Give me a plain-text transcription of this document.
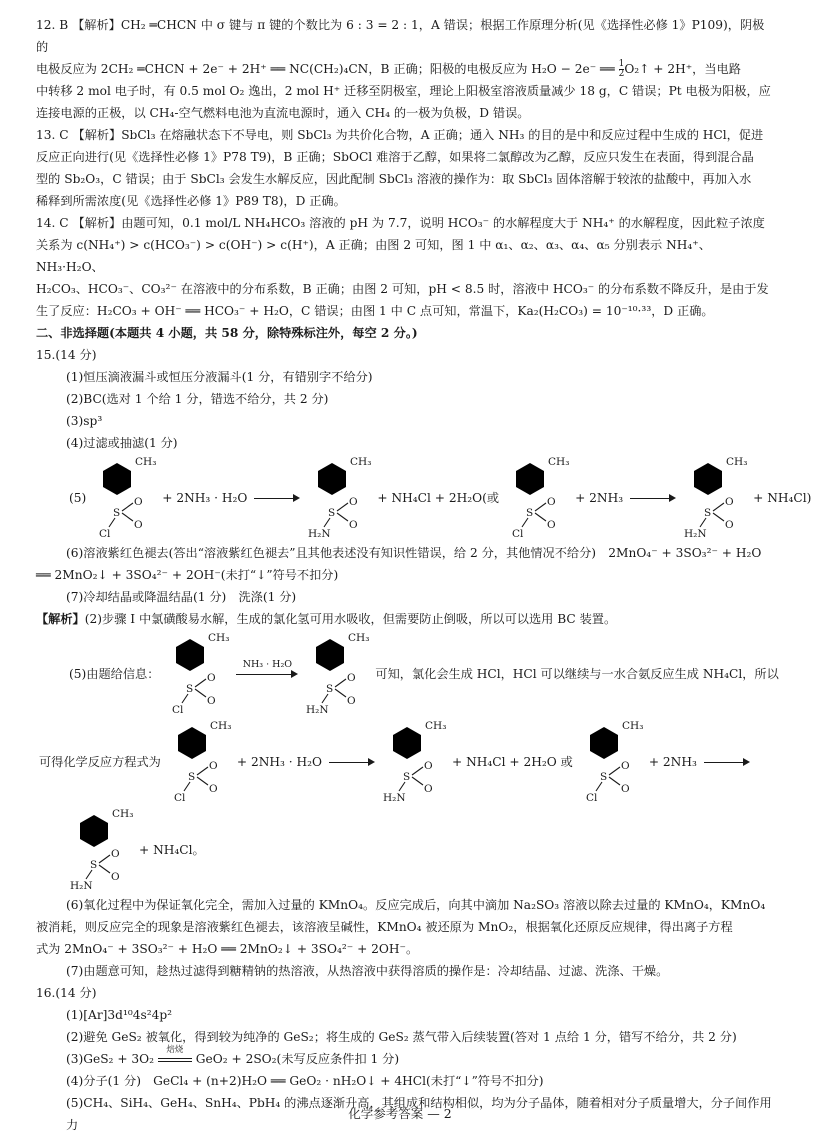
12. B 【解析】CH₂ ═CHCN 中 σ 键与 π 键的个数比为 6 : 3 = 2 : 1，A 错误；根据工作原理分析(见《选择性必修 1》P109)，阴极的

电极反应为 2CH₂ ═CHCN + 2e⁻ + 2H⁺ ══ NC(CH₂)₄CN，B 正确；阳极的电极反应为 H₂O − 2e⁻ ══ $\frac{1}{2}$ O₂↑ + 2H⁺，当电路

中转移 2 mol 电子时，有 0.5 mol O₂ 逸出，2 mol H⁺ 迁移至阴极室，理论上阳极室溶液质量减少 18 g，C 错误；Pt 电极为阳极，应

连接电源的正极，以 CH₄-空气燃料电池为直流电源时，通入 CH₄ 的一极为负极，D 错误。

13. C 【解析】SbCl₃ 在熔融状态下不导电，则 SbCl₃ 为共价化合物，A 正确；通入 NH₃ 的目的是中和反应过程中生成的 HCl，促进

反应正向进行(见《选择性必修 1》P78 T9)，B 正确；SbOCl 难溶于乙醇，如果将二氯醇改为乙醇，反应只发生在表面，得到混合晶

型的 Sb₂O₃，C 错误；由于 SbCl₃ 会发生水解反应，因此配制 SbCl₃ 溶液的操作为：取 SbCl₃ 固体溶解于较浓的盐酸中，再加入水

稀释到所需浓度(见《选择性必修 1》P89 T8)，D 正确。

14. C 【解析】由题可知，0.1 mol/L NH₄HCO₃ 溶液的 pH 为 7.7，说明 HCO₃⁻ 的水解程度大于 NH₄⁺ 的水解程度，因此粒子浓度

关系为 c(NH₄⁺) > c(HCO₃⁻) > c(OH⁻) > c(H⁺)，A 正确；由图 2 可知，图 1 中 α₁、α₂、α₃、α₄、α₅ 分别表示 NH₄⁺、NH₃·H₂O、

H₂CO₃、HCO₃⁻、CO₃²⁻ 在溶液中的分布系数，B 正确；由图 2 可知，pH < 8.5 时，溶液中 HCO₃⁻ 的分布系数不降反升，是由于发

生了反应：H₂CO₃ + OH⁻ ══ HCO₃⁻ + H₂O，C 错误；由图 1 中 C 点可知，常温下，Ka₂(H₂CO₃) = 10⁻¹⁰·³³，D 正确。

二、非选择题(本题共 4 小题，共 58 分，除特殊标注外，每空 2 分。)

15.(14 分)

(1)恒压滴液漏斗或恒压分液漏斗(1 分，有错别字不给分)

(2)BC(选对 1 个给 1 分，错选不给分，共 2 分)

(3)sp³

(4)过滤或抽滤(1 分)

(5)
CH₃
S
O
O
Cl
+ 2NH₃ · H₂O
CH₃
S
O
O
H₂N
+ NH₄Cl + 2H₂O(或
CH₃
S
O
O
Cl
+ 2NH₃
CH₃
S
O
O
H₂N
+ NH₄Cl)

(6)溶液紫红色褪去(答出“溶液紫红色褪去”且其他表述没有知识性错误，给 2 分，其他情况不给分)　2MnO₄⁻ + 3SO₃²⁻ + H₂O

══ 2MnO₂↓ + 3SO₄²⁻ + 2OH⁻(未打“↓”符号不扣分)

(7)冷却结晶或降温结晶(1 分)　洗涤(1 分)

【解析】(2)步骤 Ⅰ 中氯磺酸易水解，生成的氯化氢可用水吸收，但需要防止倒吸，所以可以选用 BC 装置。

(5)由题给信息：
CH₃
S
O
O
Cl
NH₃ · H₂O
CH₃
S
O
O
H₂N
可知，氯化会生成 HCl，HCl 可以继续与一水合氨反应生成 NH₄Cl，所以
可得化学反应方程式为
CH₃
S
O
O
Cl
+ 2NH₃ · H₂O
CH₃
S
O
O
H₂N
+ NH₄Cl + 2H₂O 或
CH₃
S
O
O
Cl
+ 2NH₃
CH₃
S
O
O
H₂N
+ NH₄Cl。

(6)氧化过程中为保证氧化完全，需加入过量的 KMnO₄。反应完成后，向其中滴加 Na₂SO₃ 溶液以除去过量的 KMnO₄，KMnO₄

被消耗，则反应完全的现象是溶液紫红色褪去，该溶液呈碱性，KMnO₄ 被还原为 MnO₂，根据氧化还原反应规律，得出离子方程

式为 2MnO₄⁻ + 3SO₃²⁻ + H₂O ══ 2MnO₂↓ + 3SO₄²⁻ + 2OH⁻。

(7)由题意可知，趁热过滤得到糖精钠的热溶液，从热溶液中获得溶质的操作是：冷却结晶、过滤、洗涤、干燥。

16.(14 分)

(1)[Ar]3d¹⁰4s²4p²

(2)避免 GeS₂ 被氧化，得到较为纯净的 GeS₂；将生成的 GeS₂ 蒸气带入后续装置(答对 1 点给 1 分，错写不给分，共 2 分)

(3)GeS₂ + 3O₂
焙烧
GeO₂ + 2SO₂(未写反应条件扣 1 分)

(4)分子(1 分)　GeCl₄ + (n+2)H₂O ══ GeO₂ · nH₂O↓ + 4HCl(未打“↓”符号不扣分)

(5)CH₄、SiH₄、GeH₄、SnH₄、PbH₄ 的沸点逐渐升高，其组成和结构相似，均为分子晶体，随着相对分子质量增大，分子间作用力

化学参考答案 — 2
